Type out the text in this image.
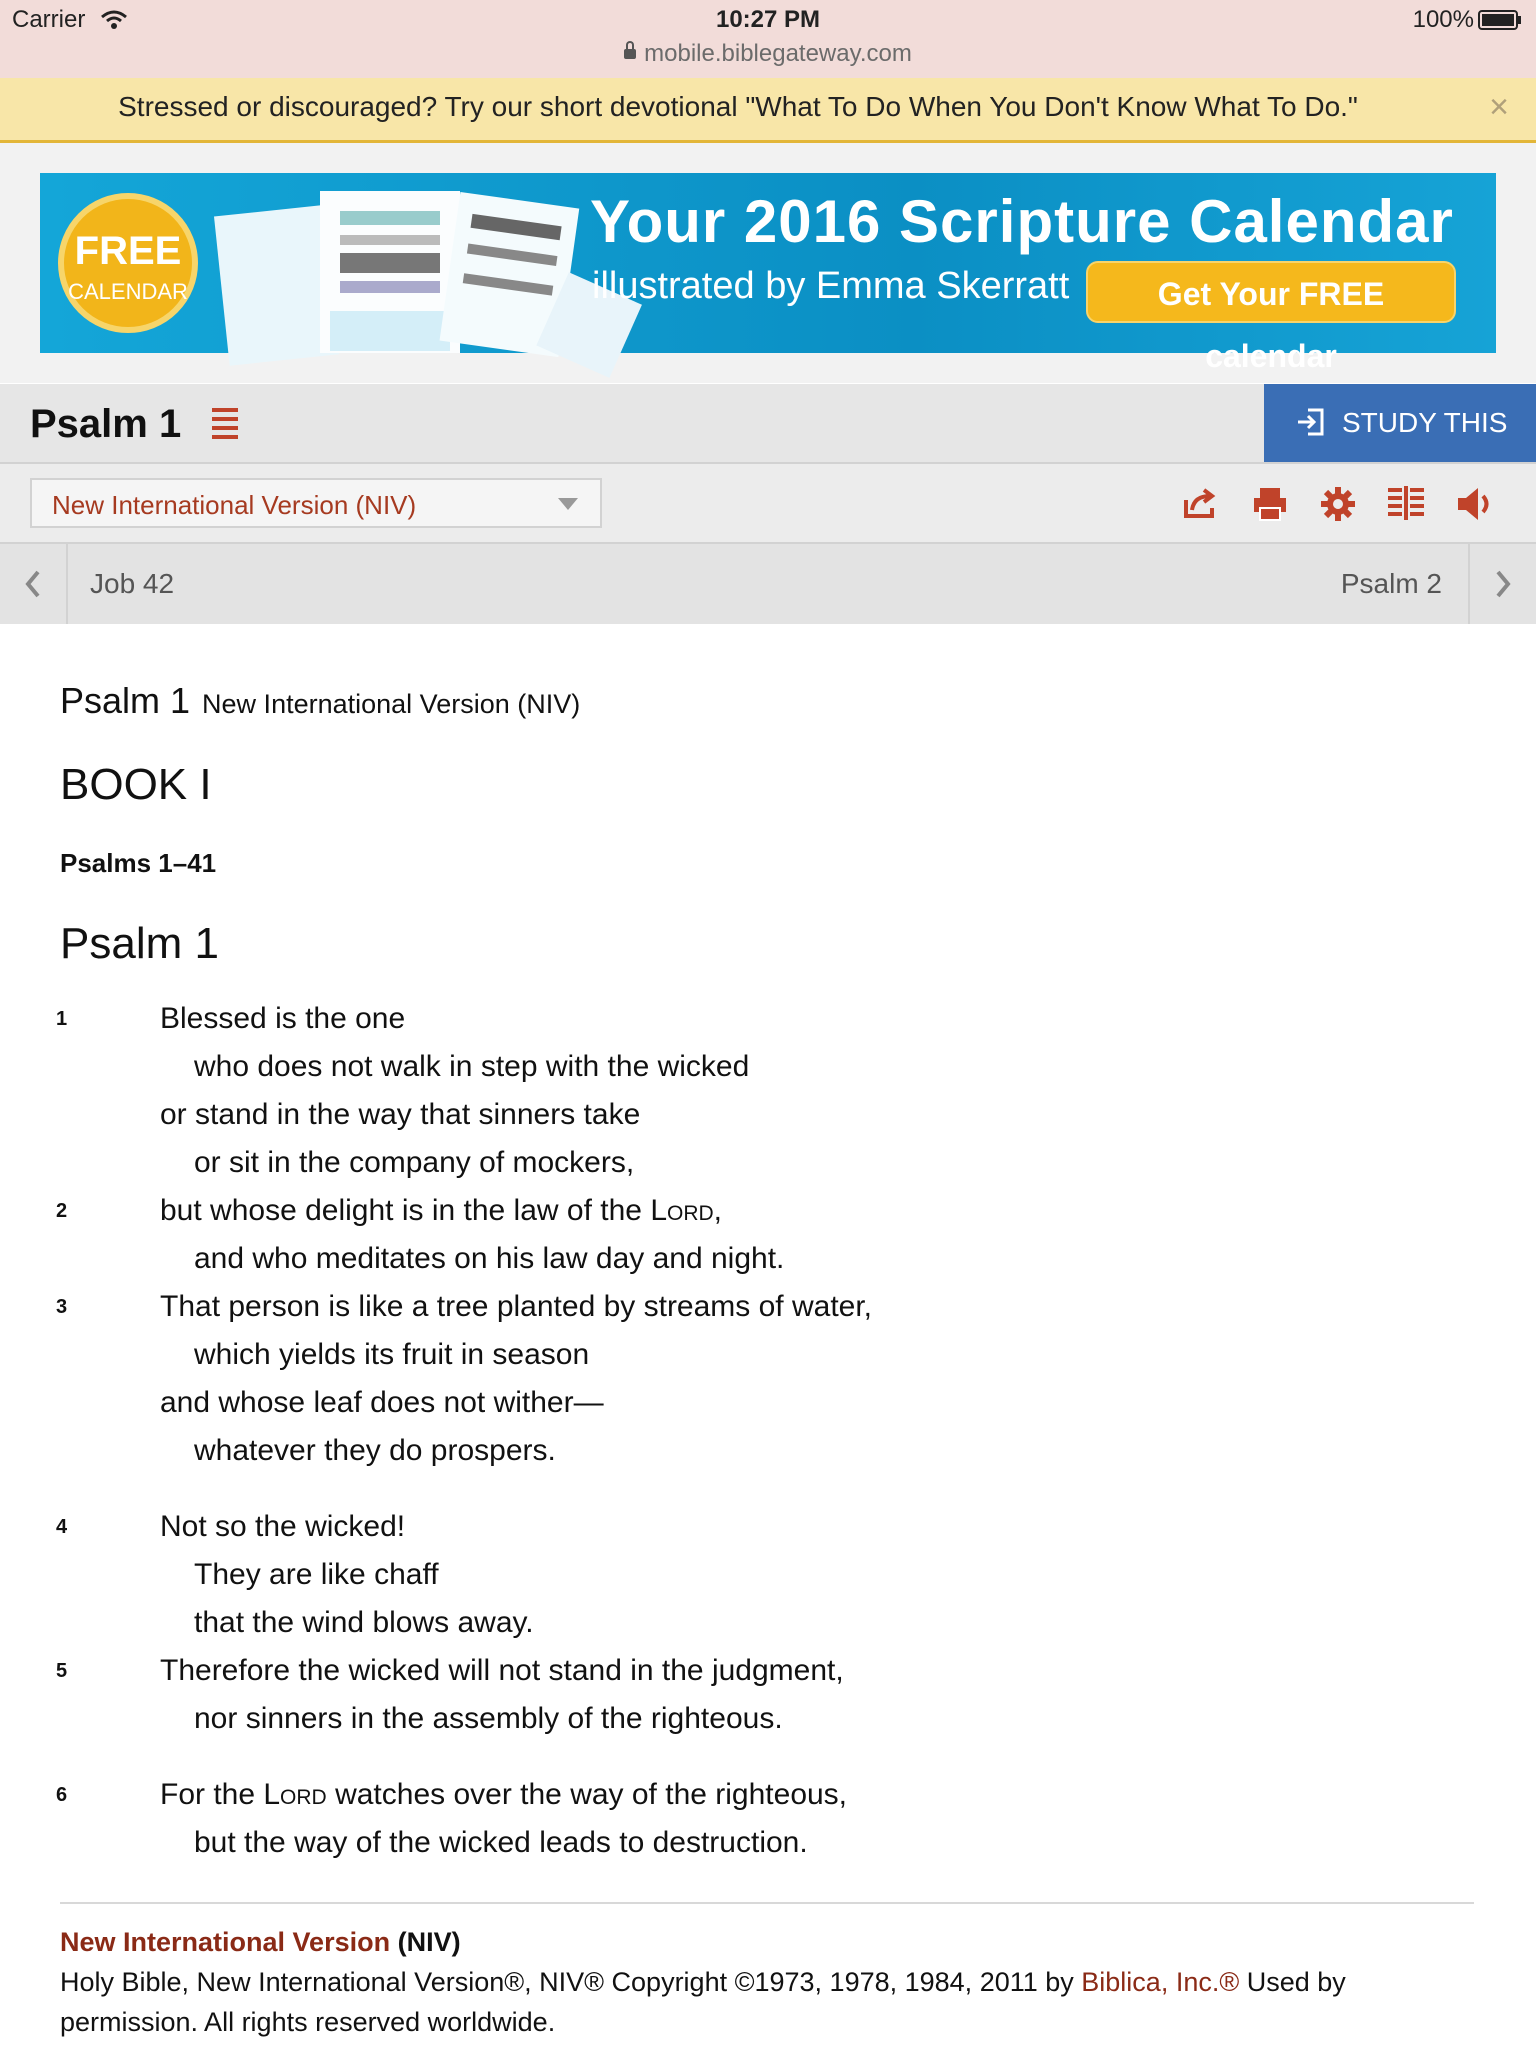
Carrier	10:27 PM	100%
mobile.biblegateway.com
Stressed or discouraged? Try our short devotional "What To Do When You Don't Know What To Do."	×
FREE
CALENDAR
Your 2016 Scripture Calendar
illustrated by Emma Skerratt	Get Your FREE calendar
Psalm 1	STUDY THIS
New International Version (NIV)
Job 42	Psalm 2
Psalm 1 New International Version (NIV)
BOOK I
Psalms 1–41
Psalm 1
1	Blessed is the one
who does not walk in step with the wicked
or stand in the way that sinners take
or sit in the company of mockers,
2	but whose delight is in the law of the Lord,
and who meditates on his law day and night.
3	That person is like a tree planted by streams of water,
which yields its fruit in season
and whose leaf does not wither—
whatever they do prospers.
4	Not so the wicked!
They are like chaff
that the wind blows away.
5	Therefore the wicked will not stand in the judgment,
nor sinners in the assembly of the righteous.
6	For the Lord watches over the way of the righteous,
but the way of the wicked leads to destruction.
New International Version (NIV)
Holy Bible, New International Version®, NIV® Copyright ©1973, 1978, 1984, 2011 by Biblica, Inc.® Used by permission. All rights reserved worldwide.
